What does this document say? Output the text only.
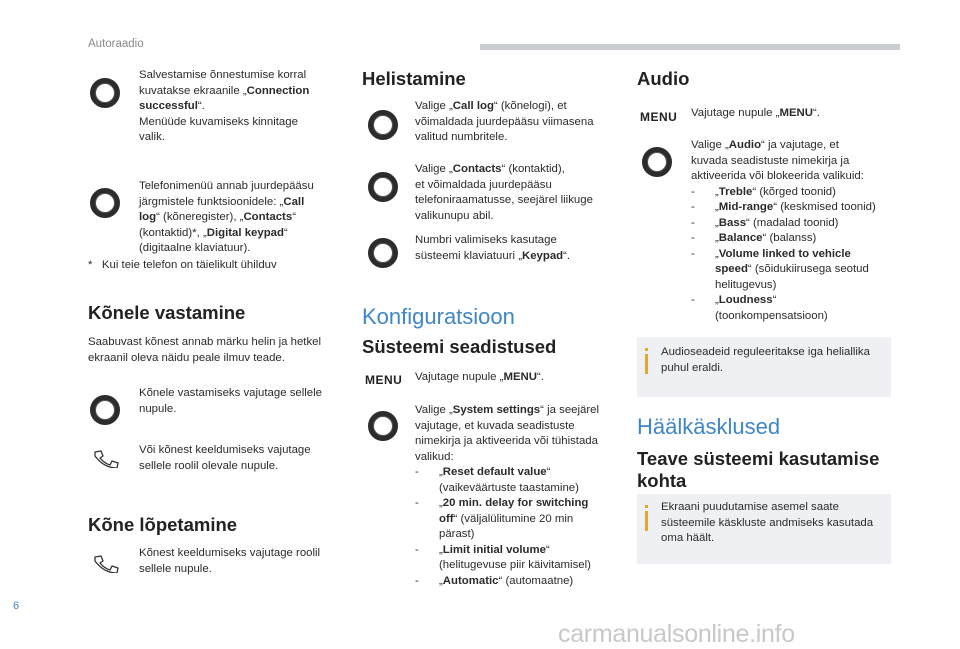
Autoraadio
Salvestamise õnnestumise korral
kuvatakse ekraanile „Connection
successful“.
Menüüde kuvamiseks kinnitage
valik.
Telefonimenüü annab juurdepääsu
järgmistele funktsioonidele: „Call
log“ (kõneregister), „Contacts“
(kontaktid)*, „Digital keypad“
(digitaalne klaviatuur).
*   Kui teie telefon on täielikult ühilduv
Kõnele vastamine
Saabuvast kõnest annab märku helin ja hetkel
ekraanil oleva näidu peale ilmuv teade.
Kõnele vastamiseks vajutage sellele
nupule.
Või kõnest keeldumiseks vajutage
sellele roolil olevale nupule.
Kõne lõpetamine
Kõnest keeldumiseks vajutage roolil
sellele nupule.
Helistamine
Valige „Call log“ (kõnelogi), et
võimaldada juurdepääsu viimasena
valitud numbritele.
Valige „Contacts“ (kontaktid),
et võimaldada juurdepääsu
telefoniraamatusse, seejärel liikuge
valikunupu abil.
Numbri valimiseks kasutage
süsteemi klaviatuuri „Keypad“.
Konfiguratsioon
Süsteemi seadistused
MENU Vajutage nupule „MENU“.
Valige „System settings“ ja seejärel
vajutage, et kuvada seadistuste
nimekirja ja aktiveerida või tühistada
valikud:
- „Reset default value“

(vaikeväärtuste taastamine)
- „20 min. delay for switching

off“ (väljalülitumine 20 min
pärast)
- „Limit initial volume“

(helitugevuse piir käivitamisel)
- „Automatic“ (automaatne)
Audio
MENU Vajutage nupule „MENU“.
Valige „Audio“ ja vajutage, et
kuvada seadistuste nimekirja ja
aktiveerida või blokeerida valikuid:
- „Treble“ (kõrged toonid)
- „Mid-range“ (keskmised toonid)
- „Bass“ (madalad toonid)
- „Balance“ (balanss)
- „Volume linked to vehicle

speed“ (sõidukiirusega seotud
helitugevus)
- „Loudness“

(toonkompensatsioon)
Audioseadeid reguleeritakse iga heliallika
puhul eraldi.
Häälkäsklused
Teave süsteemi kasutamise
kohta
Ekraani puudutamise asemel saate
süsteemile käskluste andmiseks kasutada
oma häält.
6
carmanualsonline.info
